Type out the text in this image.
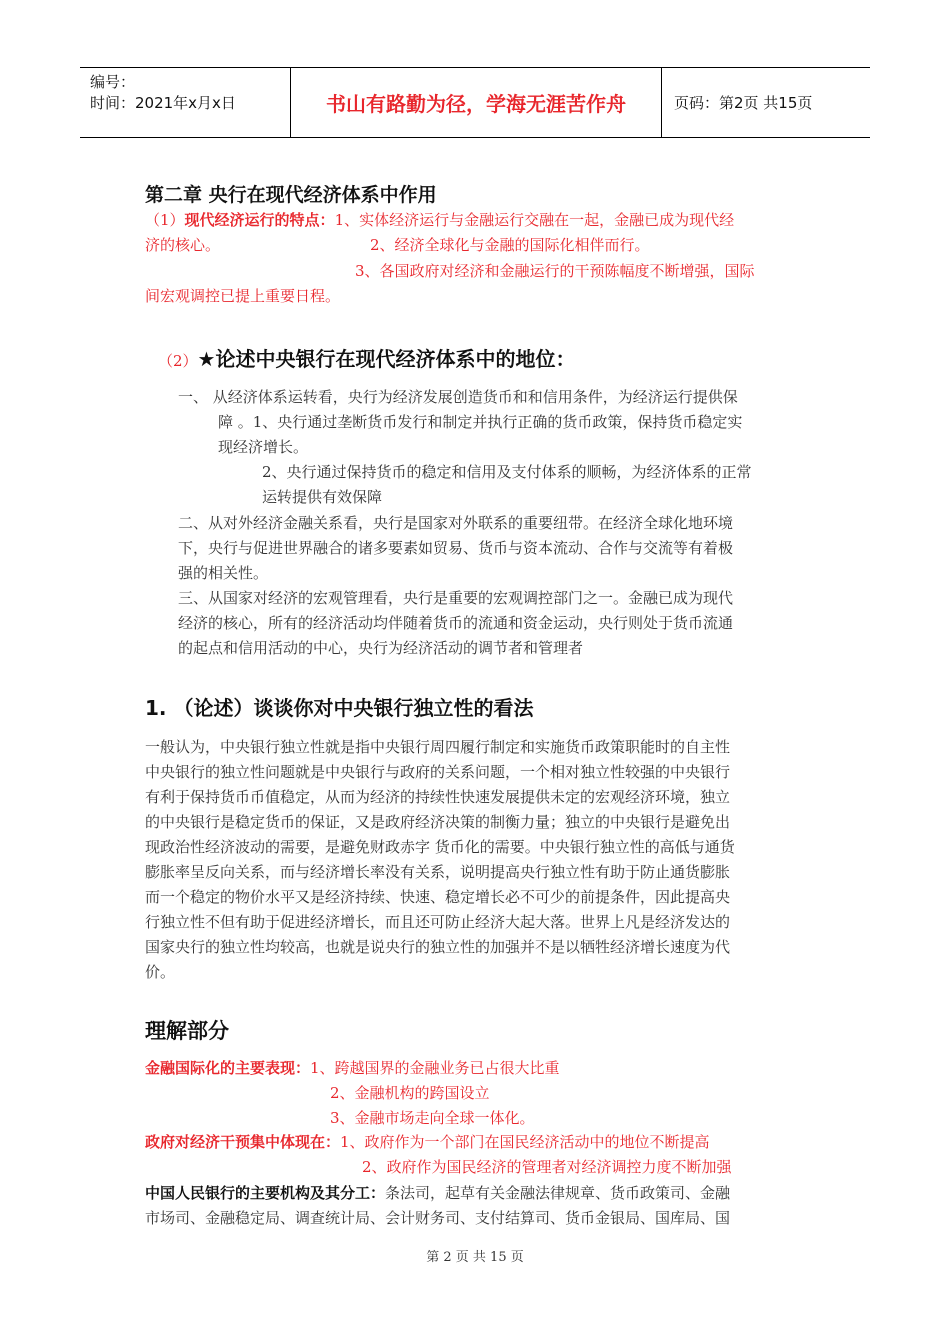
编号：
时间：2021年x月x日	书山有路勤为径，学海无涯苦作舟	页码：第2页 共15页
第二章 央行在现代经济体系中作用
（1）现代经济运行的特点：1、实体经济运行与金融运行交融在一起，金融已成为现代经
济的核心。	2、经济全球化与金融的国际化相伴而行。
3、各国政府对经济和金融运行的干预陈幅度不断增强，国际
间宏观调控已提上重要日程。
（2）★论述中央银行在现代经济体系中的地位：
一、 从经济体系运转看，央行为经济发展创造货币和和信用条件，为经济运行提供保
障 。1、央行通过垄断货币发行和制定并执行正确的货币政策，保持货币稳定实
现经济增长。
2、央行通过保持货币的稳定和信用及支付体系的顺畅，为经济体系的正常
运转提供有效保障
二、从对外经济金融关系看，央行是国家对外联系的重要纽带。在经济全球化地环境
下，央行与促进世界融合的诸多要素如贸易、货币与资本流动、合作与交流等有着极
强的相关性。
三、从国家对经济的宏观管理看，央行是重要的宏观调控部门之一。金融已成为现代
经济的核心，所有的经济活动均伴随着货币的流通和资金运动，央行则处于货币流通
的起点和信用活动的中心，央行为经济活动的调节者和管理者
1. （论述）谈谈你对中央银行独立性的看法
一般认为，中央银行独立性就是指中央银行周四履行制定和实施货币政策职能时的自主性
中央银行的独立性问题就是中央银行与政府的关系问题，一个相对独立性较强的中央银行
有利于保持货币币值稳定，从而为经济的持续性快速发展提供未定的宏观经济环境，独立
的中央银行是稳定货币的保证，又是政府经济决策的制衡力量；独立的中央银行是避免出
现政治性经济波动的需要，是避免财政赤字 货币化的需要。中央银行独立性的高低与通货
膨胀率呈反向关系，而与经济增长率没有关系，说明提高央行独立性有助于防止通货膨胀
而一个稳定的物价水平又是经济持续、快速、稳定增长必不可少的前提条件，因此提高央
行独立性不但有助于促进经济增长，而且还可防止经济大起大落。世界上凡是经济发达的
国家央行的独立性均较高，也就是说央行的独立性的加强并不是以牺牲经济增长速度为代
价。
理解部分
金融国际化的主要表现：1、跨越国界的金融业务已占很大比重
2、金融机构的跨国设立
3、金融市场走向全球一体化。
政府对经济干预集中体现在：1、政府作为一个部门在国民经济活动中的地位不断提高
2、政府作为国民经济的管理者对经济调控力度不断加强
中国人民银行的主要机构及其分工：条法司，起草有关金融法律规章、货币政策司、金融
市场司、金融稳定局、调查统计局、会计财务司、支付结算司、货币金银局、国库局、国
第 2 页 共 15 页
